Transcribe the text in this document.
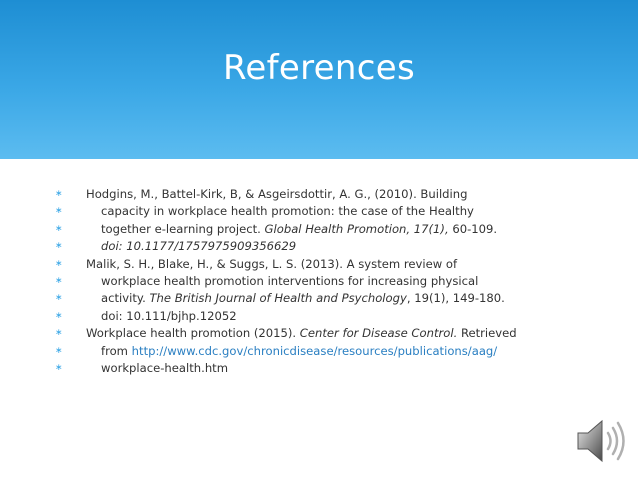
References
∗ Hodgins, M., Battel-Kirk, B, & Asgeirsdottir, A. G., (2010). Building
∗	capacity in workplace health promotion: the case of the Healthy
∗	together e-learning project. Global Health Promotion, 17(1), 60-109.
∗	doi: 10.1177/1757975909356629
∗ Malik, S. H., Blake, H., & Suggs, L. S. (2013). A system review of
∗	workplace health promotion interventions for increasing physical
∗	activity. The British Journal of Health and Psychology, 19(1), 149-180.
∗	doi: 10.111/bjhp.12052
∗ Workplace health promotion (2015). Center for Disease Control. Retrieved
∗	from http://www.cdc.gov/chronicdisease/resources/publications/aag/
∗	workplace-health.htm
